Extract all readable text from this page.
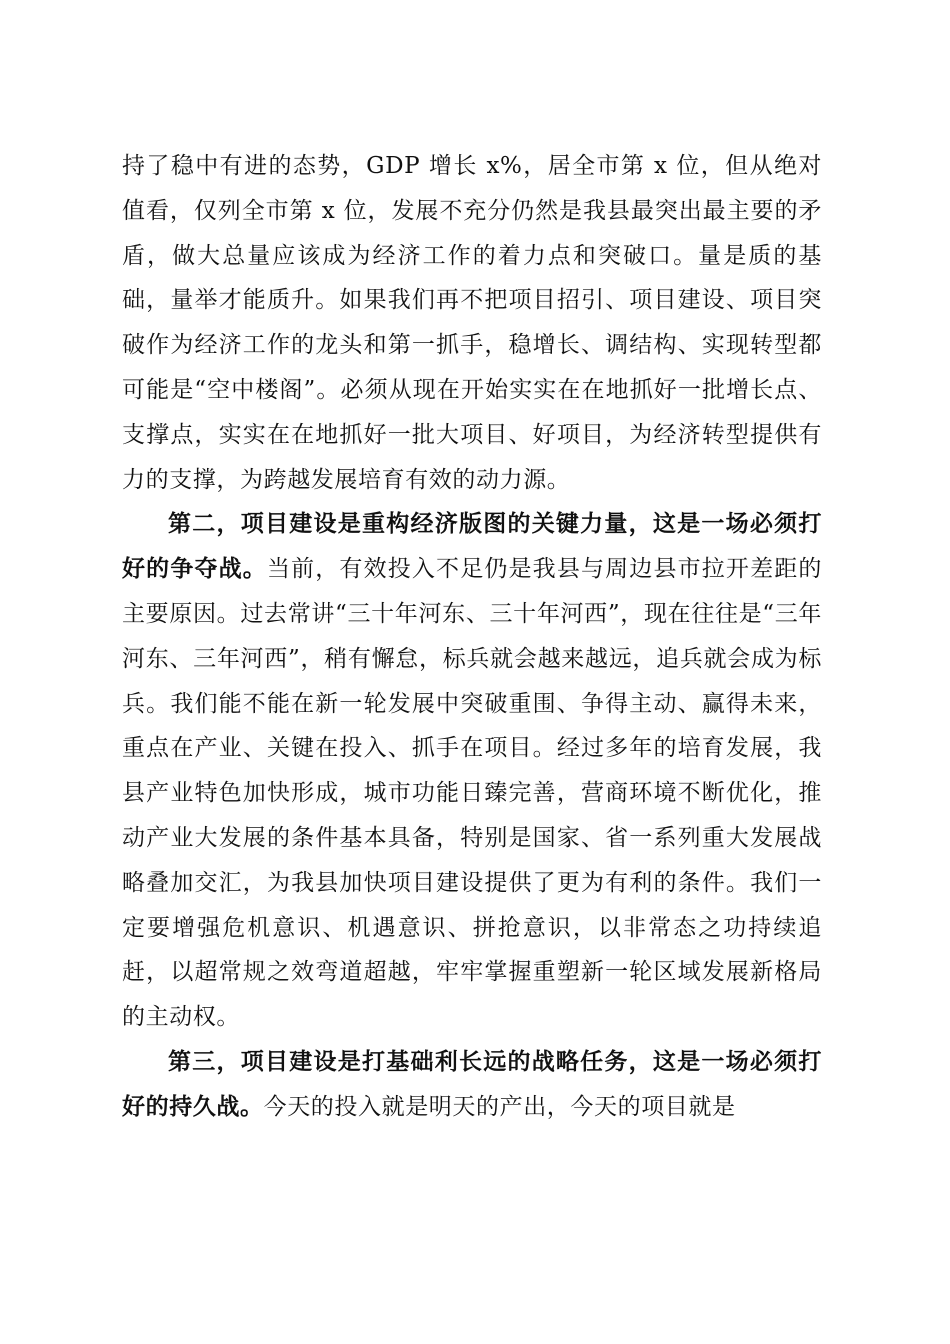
持了稳中有进的态势，GDP 增长 x%，居全市第 x 位，但从绝对值看，仅列全市第 x 位，发展不充分仍然是我县最突出最主要的矛盾，做大总量应该成为经济工作的着力点和突破口。量是质的基础，量举才能质升。如果我们再不把项目招引、项目建设、项目突破作为经济工作的龙头和第一抓手，稳增长、调结构、实现转型都可能是“空中楼阁”。必须从现在开始实实在在地抓好一批增长点、支撑点，实实在在地抓好一批大项目、好项目，为经济转型提供有力的支撑，为跨越发展培育有效的动力源。

第二，项目建设是重构经济版图的关键力量，这是一场必须打好的争夺战。当前，有效投入不足仍是我县与周边县市拉开差距的主要原因。过去常讲“三十年河东、三十年河西”，现在往往是“三年河东、三年河西”，稍有懈怠，标兵就会越来越远，追兵就会成为标兵。我们能不能在新一轮发展中突破重围、争得主动、赢得未来，重点在产业、关键在投入、抓手在项目。经过多年的培育发展，我县产业特色加快形成，城市功能日臻完善，营商环境不断优化，推动产业大发展的条件基本具备，特别是国家、省一系列重大发展战略叠加交汇，为我县加快项目建设提供了更为有利的条件。我们一定要增强危机意识、机遇意识、拼抢意识，以非常态之功持续追赶，以超常规之效弯道超越，牢牢掌握重塑新一轮区域发展新格局的主动权。

第三，项目建设是打基础利长远的战略任务，这是一场必须打好的持久战。今天的投入就是明天的产出，今天的项目就是
